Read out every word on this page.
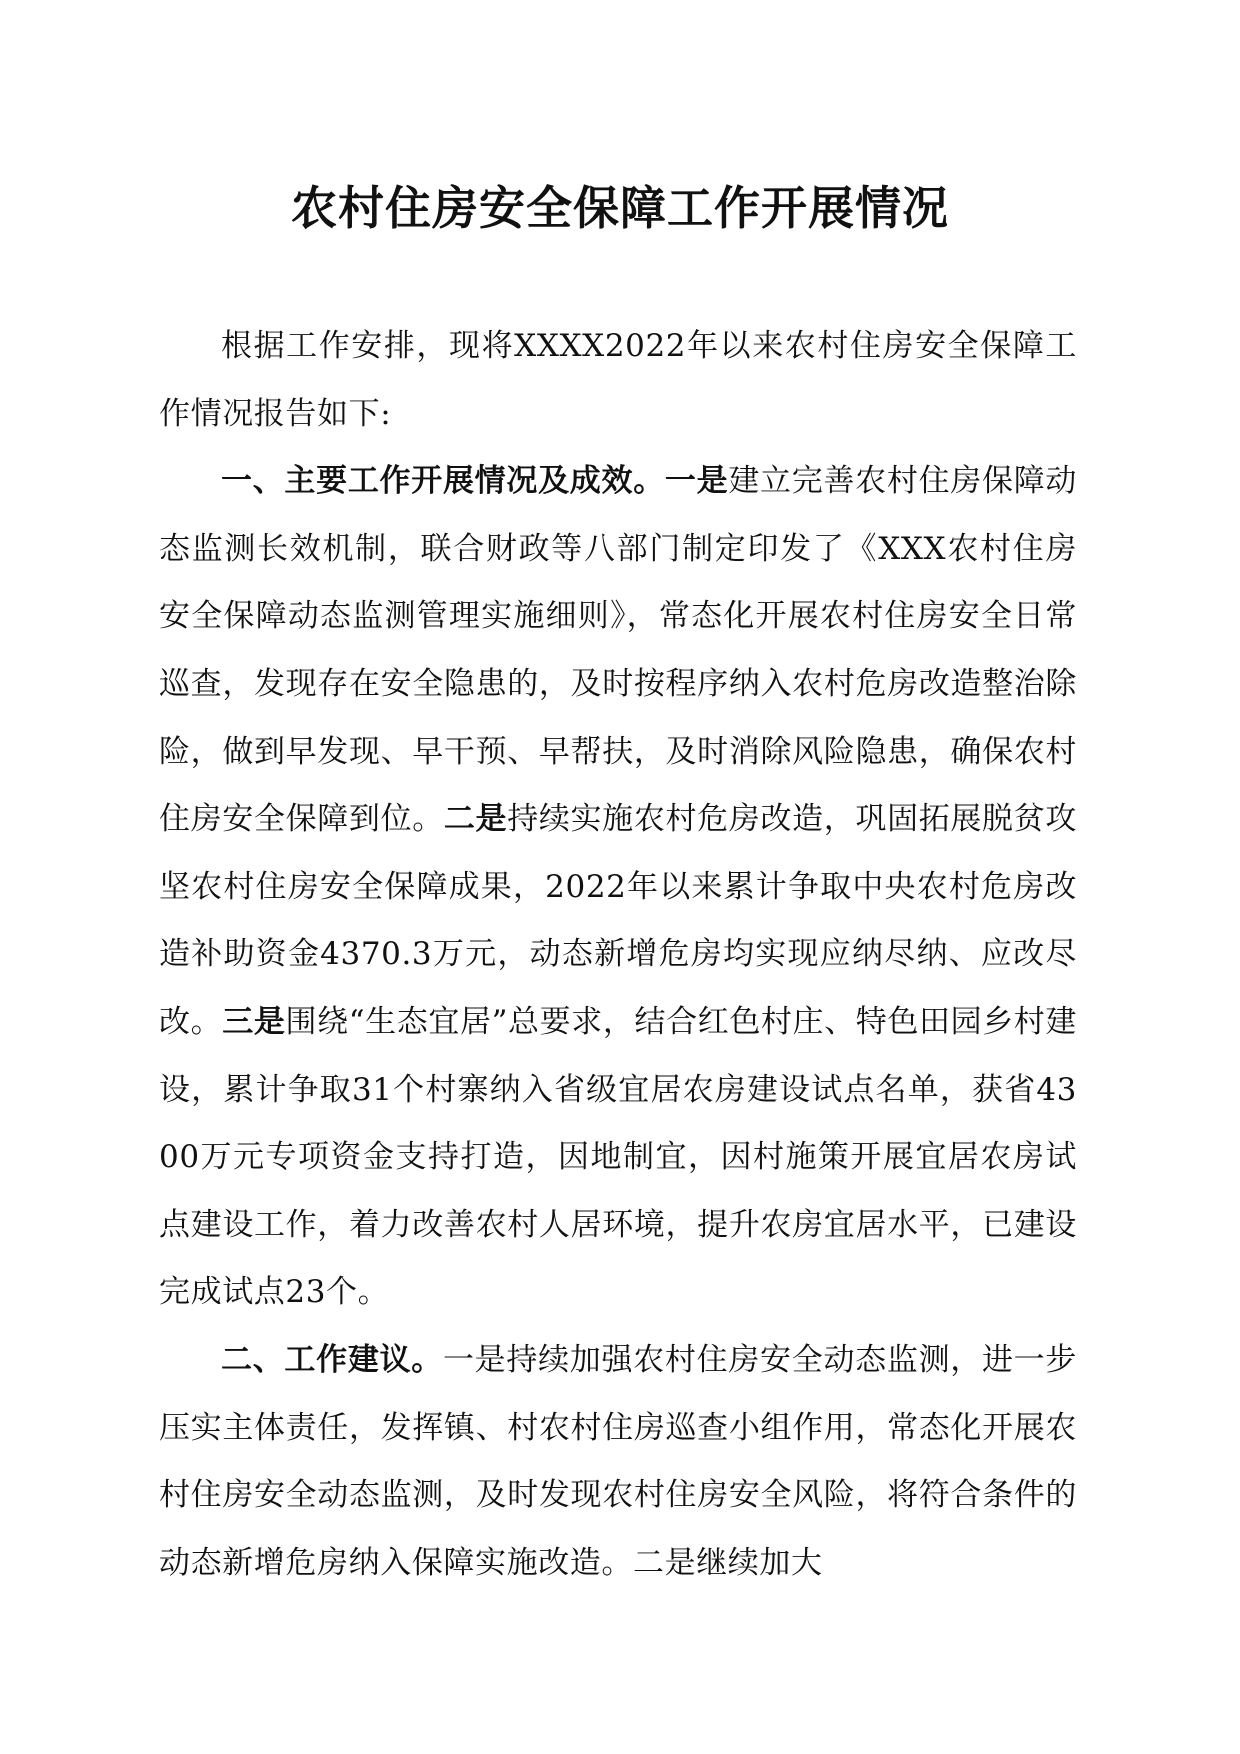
农村住房安全保障工作开展情况

根据工作安排，现将XXXX2022年以来农村住房安全保障工作情况报告如下:

一、主要工作开展情况及成效。一是建立完善农村住房保障动态监测长效机制，联合财政等八部门制定印发了《XXX农村住房安全保障动态监测管理实施细则》，常态化开展农村住房安全日常巡查，发现存在安全隐患的，及时按程序纳入农村危房改造整治除险，做到早发现、早干预、早帮扶，及时消除风险隐患，确保农村住房安全保障到位。二是持续实施农村危房改造，巩固拓展脱贫攻坚农村住房安全保障成果，2022年以来累计争取中央农村危房改造补助资金4370.3万元，动态新增危房均实现应纳尽纳、应改尽改。三是围绕“生态宜居”总要求，结合红色村庄、特色田园乡村建设，累计争取31个村寨纳入省级宜居农房建设试点名单，获省4300万元专项资金支持打造，因地制宜，因村施策开展宜居农房试点建设工作，着力改善农村人居环境，提升农房宜居水平，已建设完成试点23个。

二、工作建议。一是持续加强农村住房安全动态监测，进一步压实主体责任，发挥镇、村农村住房巡查小组作用，常态化开展农村住房安全动态监测，及时发现农村住房安全风险，将符合条件的动态新增危房纳入保障实施改造。二是继续加大
